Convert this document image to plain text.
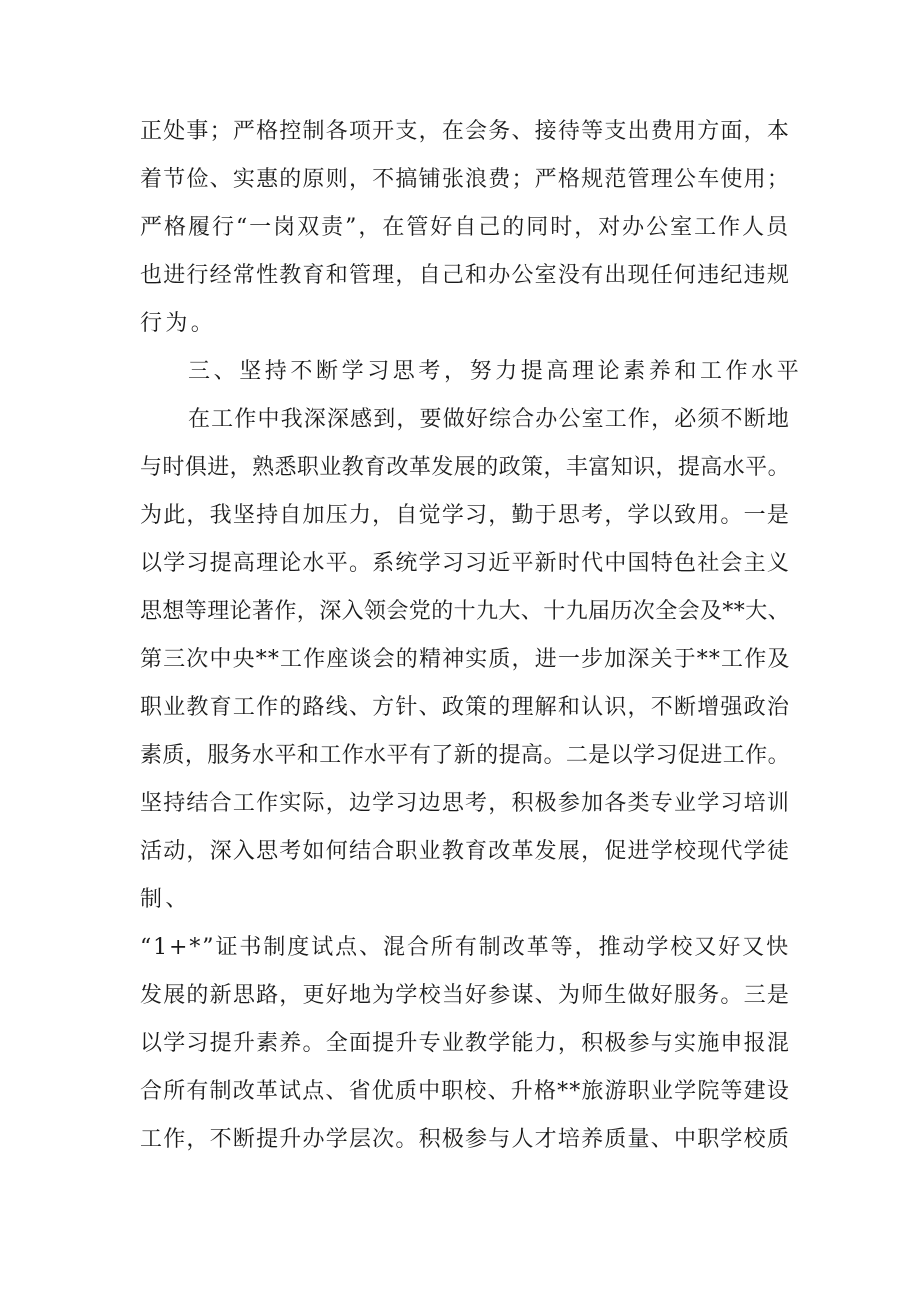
正处事；严格控制各项开支，在会务、接待等支出费用方面，本
着节俭、实惠的原则，不搞铺张浪费；严格规范管理公车使用；
严格履行“一岗双责”，在管好自己的同时，对办公室工作人员
也进行经常性教育和管理，自己和办公室没有出现任何违纪违规
行为。
三、坚持不断学习思考，努力提高理论素养和工作水平
在工作中我深深感到，要做好综合办公室工作，必须不断地
与时俱进，熟悉职业教育改革发展的政策，丰富知识，提高水平。
为此，我坚持自加压力，自觉学习，勤于思考，学以致用。一是
以学习提高理论水平。系统学习习近平新时代中国特色社会主义
思想等理论著作，深入领会党的十九大、十九届历次全会及**大、
第三次中央**工作座谈会的精神实质，进一步加深关于**工作及
职业教育工作的路线、方针、政策的理解和认识，不断增强政治
素质，服务水平和工作水平有了新的提高。二是以学习促进工作。
坚持结合工作实际，边学习边思考，积极参加各类专业学习培训
活动，深入思考如何结合职业教育改革发展，促进学校现代学徒
制、
“1+*”证书制度试点、混合所有制改革等，推动学校又好又快
发展的新思路，更好地为学校当好参谋、为师生做好服务。三是
以学习提升素养。全面提升专业教学能力，积极参与实施申报混
合所有制改革试点、省优质中职校、升格**旅游职业学院等建设
工作，不断提升办学层次。积极参与人才培养质量、中职学校质
